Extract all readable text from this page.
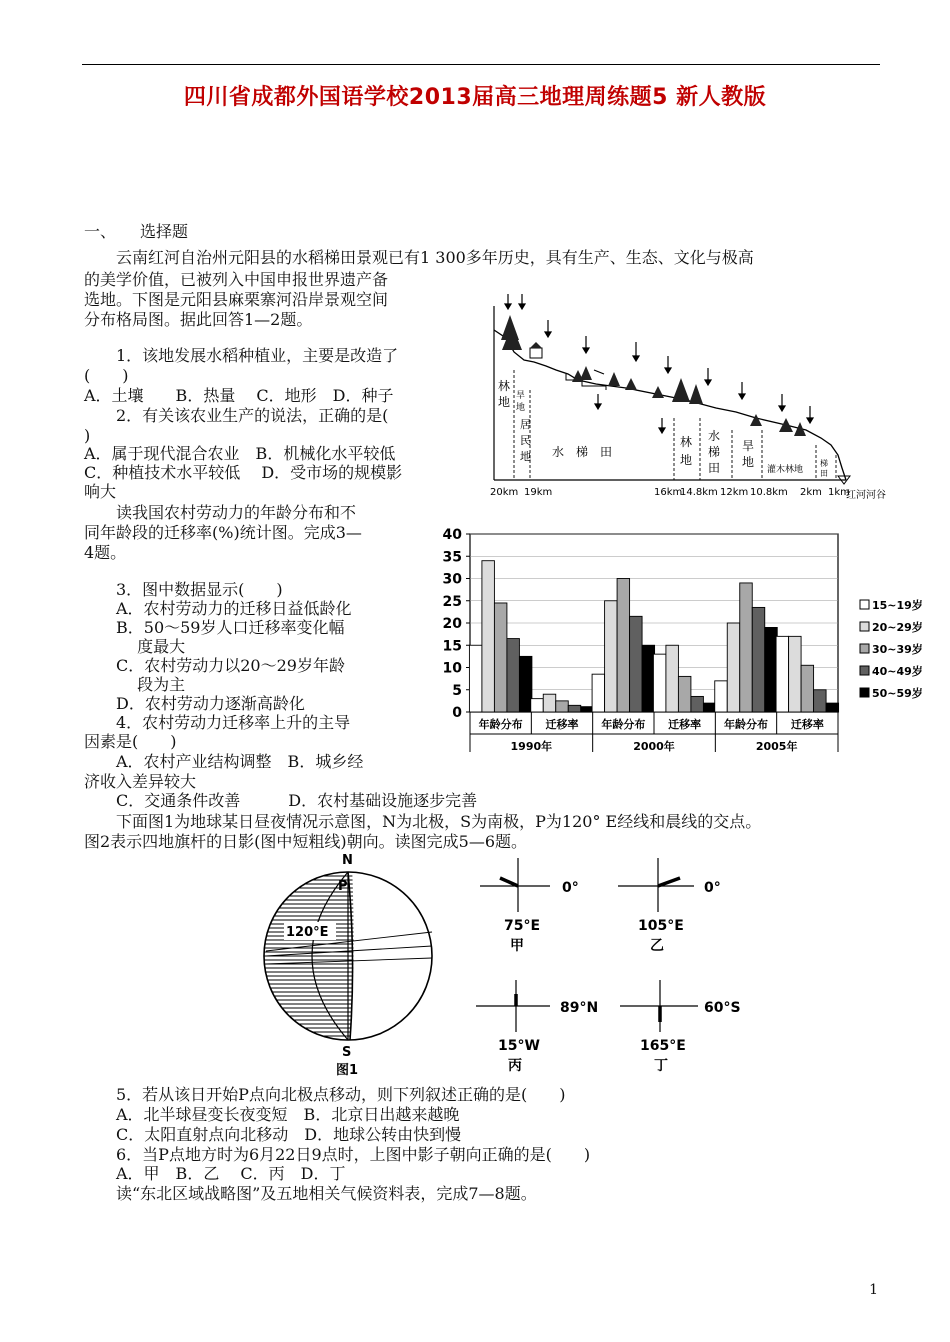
四川省成都外国语学校2013届高三地理周练题5 新人教版
一、　　选择题
　　云南红河自治州元阳县的水稻梯田景观已有1 300多年历史，具有生产、生态、文化与极高
的美学价值，已被列入中国申报世界遗产备
选地。下图是元阳县麻栗寨河沿岸景观空间
分布格局图。据此回答1—2题。
　　1．该地发展水稻种植业，主要是改造了
(　　)
A．土壤　　B．热量　 C．地形　D．种子
　　2．有关该农业生产的说法，正确的是(
)
A．属于现代混合农业　B．机械化水平较低
C．种植技术水平较低　 D．受市场的规模影
响大
　　读我国农村劳动力的年龄分布和不
同年龄段的迁移率(%)统计图。完成3—
4题。
　　3．图中数据显示(　　)
　　A．农村劳动力的迁移日益低龄化
　　B．50～59岁人口迁移率变化幅
　　　 度最大
　　C．农村劳动力以20～29岁年龄
　　　 段为主
　　D．农村劳动力逐渐高龄化
　　4．农村劳动力迁移率上升的主导
因素是(　　)
　　A．农村产业结构调整　B．城乡经
济收入差异较大
　　C．交通条件改善　　　D．农村基础设施逐步完善
　　下面图1为地球某日昼夜情况示意图，N为北极，S为南极，P为120° E经线和晨线的交点。
图2表示四地旗杆的日影(图中短粗线)朝向。读图完成5—6题。
　　5．若从该日开始P点向北极点移动，则下列叙述正确的是(　　)
　　A．北半球昼变长夜变短　B．北京日出越来越晚
　　C．太阳直射点向北移动　D．地球公转由快到慢
　　6．当P点地方时为6月22日9点时，上图中影子朝向正确的是(　　)
　　A．甲　B．乙　 C．丙　D．丁
　　读“东北区域战略图”及五地相关气候资料表，完成7—8题。
林
地 旱
地
居
民
地 水　梯　田
林
地
水
梯
田
旱
地
灌木林地
梯
田
20km 19km	16km
14.8km 12km 10.8km 2km 1km
红河河谷
0
5
10
15
20
25
30
35
40
年龄分布 迁移率 年龄分布 迁移率 年龄分布 迁移率
1990年	2000年	2005年
15~19岁
20~29岁
30~39岁
40~49岁
50~59岁
N
P
120°E
S
图1
0°
75°E
甲
0°
105°E
乙
89°N
15°W
丙
60°S
165°E
丁
1
